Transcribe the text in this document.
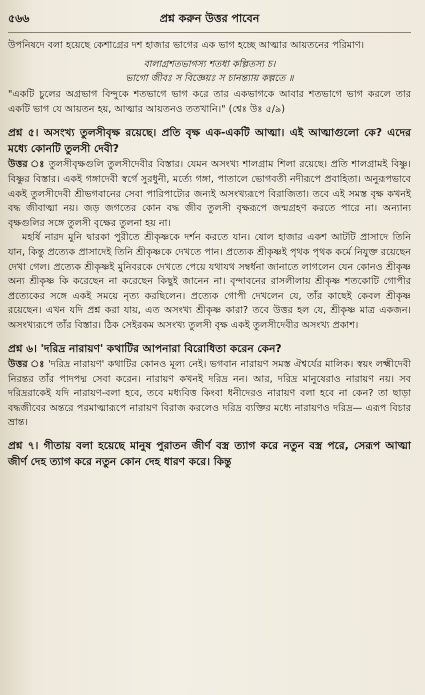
৫৬৬	প্রশ্ন করুন উত্তর পাবেন

উপনিষদে বলা হয়েছে কেশাগ্রের দশ হাজার ভাগের এক ভাগ হচ্ছে আত্মার আয়তনের পরিমাণ।

বালাগ্রশতভাগস্য শতধা কল্পিতস্য চ।
ভাগো জীবঃ স বিজ্ঞেয়ঃ স চানন্ত্যায় কল্পতে ॥

"একটি চুলের অগ্রভাগ বিন্দুকে শতভাগে ভাগ করে তার একভাগকে আবার শতভাগে ভাগ করলে তার একটি ভাগ যে আয়তন হয়, আত্মার আয়তনও ততখানি।" (শ্বেঃ উঃ ৫/৯)

প্রশ্ন ৫। অসংখ্য তুলসীবৃক্ষ রয়েছে। প্রতি বৃক্ষ এক-একটি আত্মা। এই আত্মাগুলো কে? এদের মধ্যে কোনটি তুলসী দেবী?

উত্তর ঃ তুলসীবৃক্ষগুলি তুলসীদেবীর বিস্তার। যেমন অসংখ্য শালগ্রাম শিলা রয়েছে। প্রতি শালগ্রামই বিষ্ণু। বিষ্ণুর বিস্তার। একই গঙ্গাদেবী স্বর্গে সুরধুনী, মর্ত্যে গঙ্গা, পাতালে ভোগবতী নদীরূপে প্রবাহিতা। অনুরূপভাবে একই তুলসীদেবী শ্রীভগবানের সেবা পারিপাট্যের জন্যই অসংখ্যরূপে বিরাজিতা। তবে এই সমস্ত বৃক্ষ কখনই বদ্ধ জীবাত্মা নয়। জড় জগতের কোন বদ্ধ জীব তুলসী বৃক্ষরূপে জন্মগ্রহণ করতে পারে না। অন্যান্য বৃক্ষগুলির সঙ্গে তুলসী বৃক্ষের তুলনা হয় না।

মহর্ষি নারদ মুনি দ্বারকা পুরীতে শ্রীকৃষ্ণকে দর্শন করতে যান। ষোল হাজার একশ আটটি প্রাসাদে তিনি যান, কিন্তু প্রত্যেক প্রাসাদেই তিনি শ্রীকৃষ্ণকে দেখতে পান। প্রত্যেক শ্রীকৃষ্ণই পৃথক পৃথক কর্মে নিযুক্ত রয়েছেন দেখা গেল। প্রত্যেক শ্রীকৃষ্ণই মুনিবরকে দেখতে পেয়ে যথাযথ সম্বর্ধনা জানাতে লাগলেন যেন কোনও শ্রীকৃষ্ণ অন্য শ্রীকৃষ্ণ কি করেছেন না করেছেন কিছুই জানেন না। বৃন্দাবনের রাসলীলায় শ্রীকৃষ্ণ শতকোটি গোপীর প্রত্যেকের সঙ্গে একই সময়ে নৃত্য করছিলেন। প্রত্যেক গোপী দেখলেন যে, তাঁর কাছেই কেবল শ্রীকৃষ্ণ রয়েছেন। এখন যদি প্রশ্ন করা যায়, এত অসংখ্য শ্রীকৃষ্ণ কারা? তবে উত্তর হল যে, শ্রীকৃষ্ণ মাত্র একজন। অসংখ্যরূপে তাঁর বিস্তার। ঠিক সেইরকম অসংখ্য তুলসী বৃক্ষ একই তুলসীদেবীর অসংখ্য প্রকাশ।

প্রশ্ন ৬। 'দরিদ্র নারায়ণ' কথাটির আপনারা বিরোধিতা করেন কেন?

উত্তর ঃ 'দরিদ্র নারায়ণ' কথাটির কোনও মূল্য নেই। ভগবান নারায়ণ সমস্ত ঐশ্বর্যের মালিক। স্বয়ং লক্ষ্মীদেবী নিরন্তর তাঁর পাদপদ্ম সেবা করেন। নারায়ণ কখনই দরিদ্র নন। আর, দরিদ্র মানুষেরাও নারায়ণ নয়। সব দরিদ্ররাকেই যদি নারায়ণ-বলা হবে, তবে মধ্যবিত্ত কিংবা ধনীদেরও নারায়ণ বলা হবে না কেন? তা ছাড়া বদ্ধজীবের অন্তরে পরমাত্মারূপে নারায়ণ বিরাজ করলেও দরিদ্র ব্যক্তির মধ্যে নারায়ণও দরিদ্র— এরূপ বিচার ভ্রান্ত।

প্রশ্ন ৭। গীতায় বলা হয়েছে মানুষ পুরাতন জীর্ণ বস্ত্র ত্যাগ করে নতুন বস্ত্র পরে, সেরূপ আত্মা জীর্ণ দেহ ত্যাগ করে নতুন কোন দেহ ধারণ করে। কিন্তু
